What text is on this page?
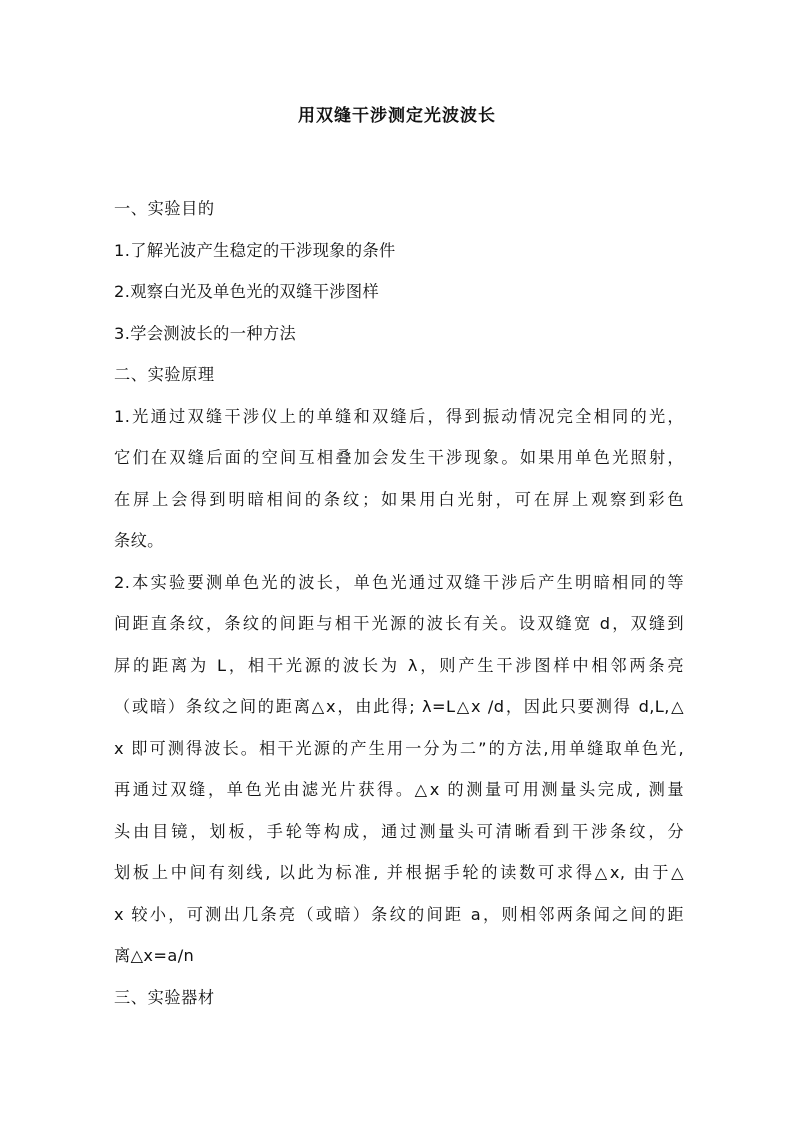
用双缝干涉测定光波波长
一、实验目的
1.了解光波产生稳定的干涉现象的条件
2.观察白光及单色光的双缝干涉图样
3.学会测波长的一种方法
二、实验原理
1.光通过双缝干涉仪上的单缝和双缝后，得到振动情况完全相同的光，
它们在双缝后面的空间互相叠加会发生干涉现象。如果用单色光照射，
在屏上会得到明暗相间的条纹；如果用白光射，可在屏上观察到彩色
条纹。
2.本实验要测单色光的波长，单色光通过双缝干涉后产生明暗相同的等
间距直条纹，条纹的间距与相干光源的波长有关。设双缝宽 d，双缝到
屏的距离为 L，相干光源的波长为 λ，则产生干涉图样中相邻两条亮
（或暗）条纹之间的距离△x，由此得; λ=L△x /d，因此只要测得 d,L,△
x 即可测得波长。相干光源的产生用一分为二”的方法,用单缝取单色光,
再通过双缝，单色光由滤光片获得。△x 的测量可用测量头完成, 测量
头由目镜，划板，手轮等构成，通过测量头可清晰看到干涉条纹，分
划板上中间有刻线, 以此为标准, 并根据手轮的读数可求得△x, 由于△
x 较小，可测出几条亮（或暗）条纹的间距 a，则相邻两条闻之间的距
离△x=a/n
三、实验器材
